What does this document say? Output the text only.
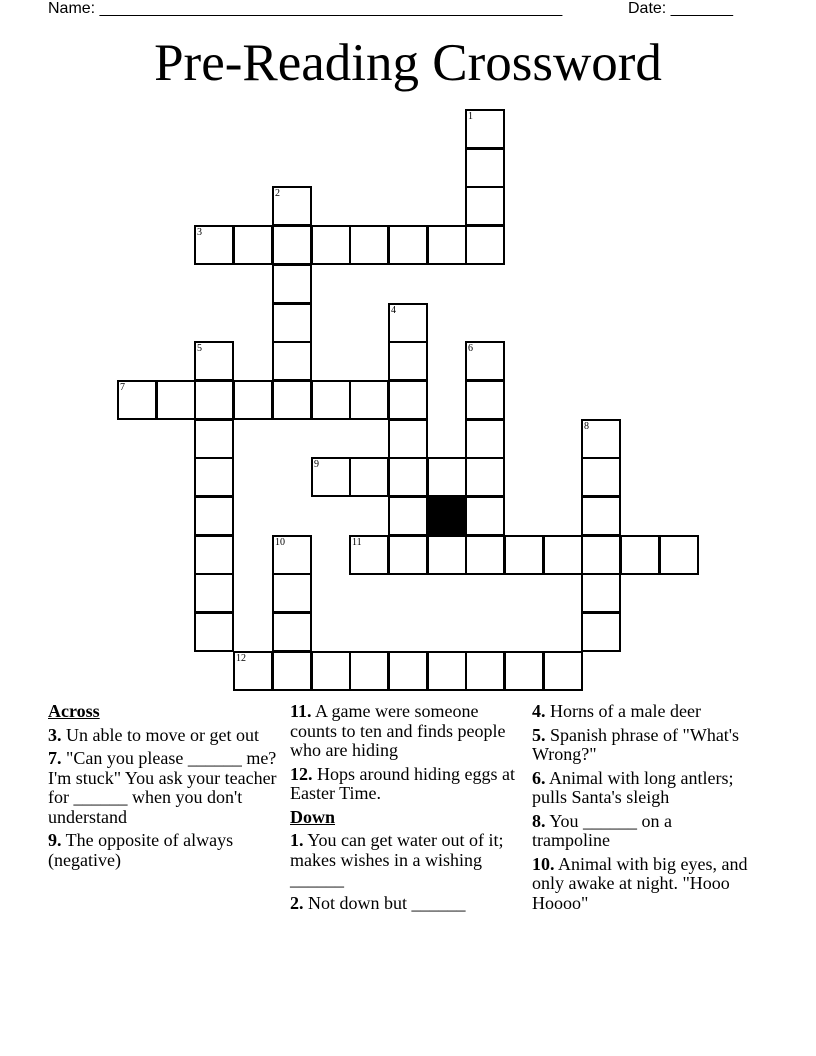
Name: ____________________________________________________	Date: _______
Pre-Reading Crossword
1
2
3
4
5	6
7
8
9
10	11
12
Across
3. Un able to move or get out
7. "Can you please ______ me? I'm stuck" You ask your teacher for ______ when you don't understand
9. The opposite of always (negative)
11. A game were someone counts to ten and finds people who are hiding
12. Hops around hiding eggs at Easter Time.
Down
1. You can get water out of it; makes wishes in a wishing ______
2. Not down but ______
4. Horns of a male deer
5. Spanish phrase of "What's Wrong?"
6. Animal with long antlers; pulls Santa's sleigh
8. You ______ on a trampoline
10. Animal with big eyes, and only awake at night. "Hooo Hoooo"
